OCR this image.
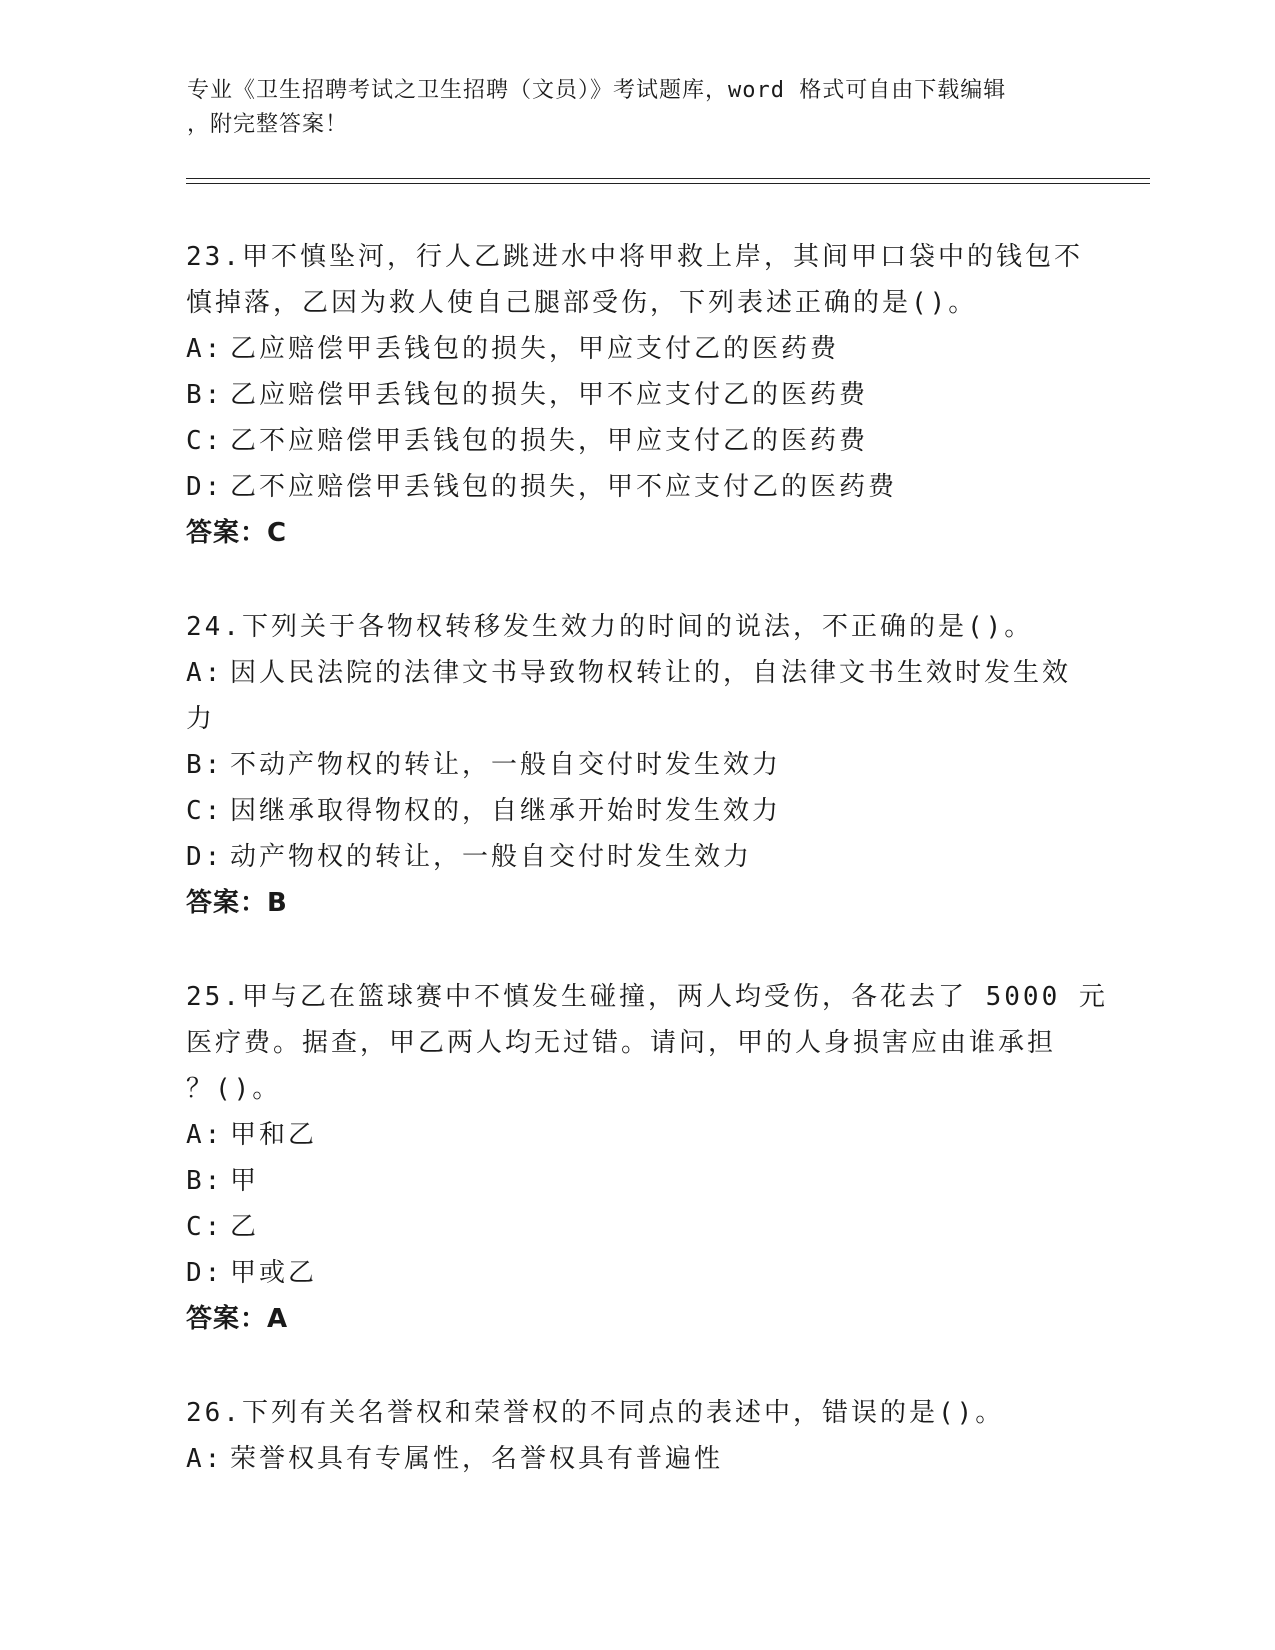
专业《卫生招聘考试之卫生招聘（文员）》考试题库，word 格式可自由下载编辑
，附完整答案！
23.甲不慎坠河，行人乙跳进水中将甲救上岸，其间甲口袋中的钱包不
慎掉落，乙因为救人使自己腿部受伤，下列表述正确的是()。
A: 乙应赔偿甲丢钱包的损失，甲应支付乙的医药费
B: 乙应赔偿甲丢钱包的损失，甲不应支付乙的医药费
C: 乙不应赔偿甲丢钱包的损失，甲应支付乙的医药费
D: 乙不应赔偿甲丢钱包的损失，甲不应支付乙的医药费
答案：C
24.下列关于各物权转移发生效力的时间的说法，不正确的是()。
A: 因人民法院的法律文书导致物权转让的，自法律文书生效时发生效
力
B: 不动产物权的转让，一般自交付时发生效力
C: 因继承取得物权的，自继承开始时发生效力
D: 动产物权的转让，一般自交付时发生效力
答案：B
25.甲与乙在篮球赛中不慎发生碰撞，两人均受伤，各花去了 5000 元
医疗费。据查，甲乙两人均无过错。请问，甲的人身损害应由谁承担
？()。
A: 甲和乙
B: 甲
C: 乙
D: 甲或乙
答案：A
26.下列有关名誉权和荣誉权的不同点的表述中，错误的是()。
A: 荣誉权具有专属性，名誉权具有普遍性
